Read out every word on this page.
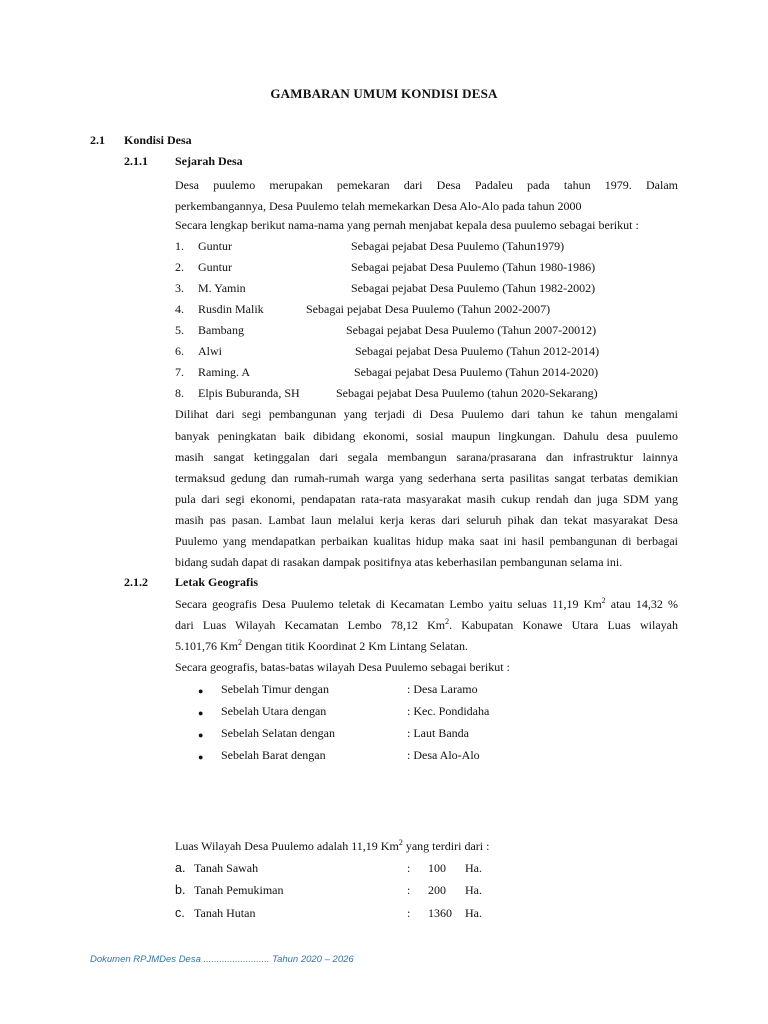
GAMBARAN UMUM KONDISI DESA
2.1 Kondisi Desa
2.1.1 Sejarah Desa

Desa puulemo merupakan pemekaran dari Desa Padaleu pada tahun 1979. Dalam

perkembangannya, Desa Puulemo telah memekarkan Desa Alo-Alo pada tahun 2000

Secara lengkap berikut nama-nama yang pernah menjabat kepala desa puulemo sebagai berikut :
1. Guntur	Sebagai pejabat Desa Puulemo (Tahun1979)
2. Guntur	Sebagai pejabat Desa Puulemo (Tahun 1980-1986)
3. M. Yamin	Sebagai pejabat Desa Puulemo (Tahun 1982-2002)
4. Rusdin Malik	Sebagai pejabat Desa Puulemo (Tahun 2002-2007)
5. Bambang	Sebagai pejabat Desa Puulemo (Tahun 2007-20012)
6. Alwi	Sebagai pejabat Desa Puulemo (Tahun 2012-2014)
7. Raming. A	Sebagai pejabat Desa Puulemo (Tahun 2014-2020)
8. Elpis Buburanda, SH	Sebagai pejabat Desa Puulemo (tahun 2020-Sekarang)
Dilihat dari segi pembangunan yang terjadi di Desa Puulemo dari tahun ke tahun mengalami
banyak peningkatan baik dibidang ekonomi, sosial maupun lingkungan. Dahulu desa puulemo
masih sangat ketinggalan dari segala membangun sarana/prasarana dan infrastruktur lainnya
termaksud gedung dan rumah-rumah warga yang sederhana serta pasilitas sangat terbatas demikian
pula dari segi ekonomi, pendapatan rata-rata masyarakat masih cukup rendah dan juga SDM yang
masih pas pasan. Lambat laun melalui kerja keras dari seluruh pihak dan tekat masyarakat Desa
Puulemo yang mendapatkan perbaikan kualitas hidup maka saat ini hasil pembangunan di berbagai
bidang sudah dapat di rasakan dampak positifnya atas keberhasilan pembangunan selama ini.
2.1.2 Letak Geografis
Secara geografis Desa Puulemo teletak di Kecamatan Lembo yaitu seluas 11,19 Km$^2$ atau 14,32 %
dari Luas Wilayah Kecamatan Lembo 78,12 Km$^2$. Kabupatan Konawe Utara Luas wilayah
5.101,76 Km$^2$ Dengan titik Koordinat 2 Km Lintang Selatan.
Secara geografis, batas-batas wilayah Desa Puulemo sebagai berikut :
● Sebelah Timur dengan	: Desa Laramo
● Sebelah Utara dengan	: Kec. Pondidaha
● Sebelah Selatan dengan	: Laut Banda
● Sebelah Barat dengan	: Desa Alo-Alo
Luas Wilayah Desa Puulemo adalah 11,19 Km$^2$ yang terdiri dari :
a. Tanah Sawah	: 100 Ha.
b. Tanah Pemukiman	: 200 Ha.
c. Tanah Hutan	: 1360 Ha.
Dokumen RPJMDes Desa ......................... Tahun 2020 – 2026
